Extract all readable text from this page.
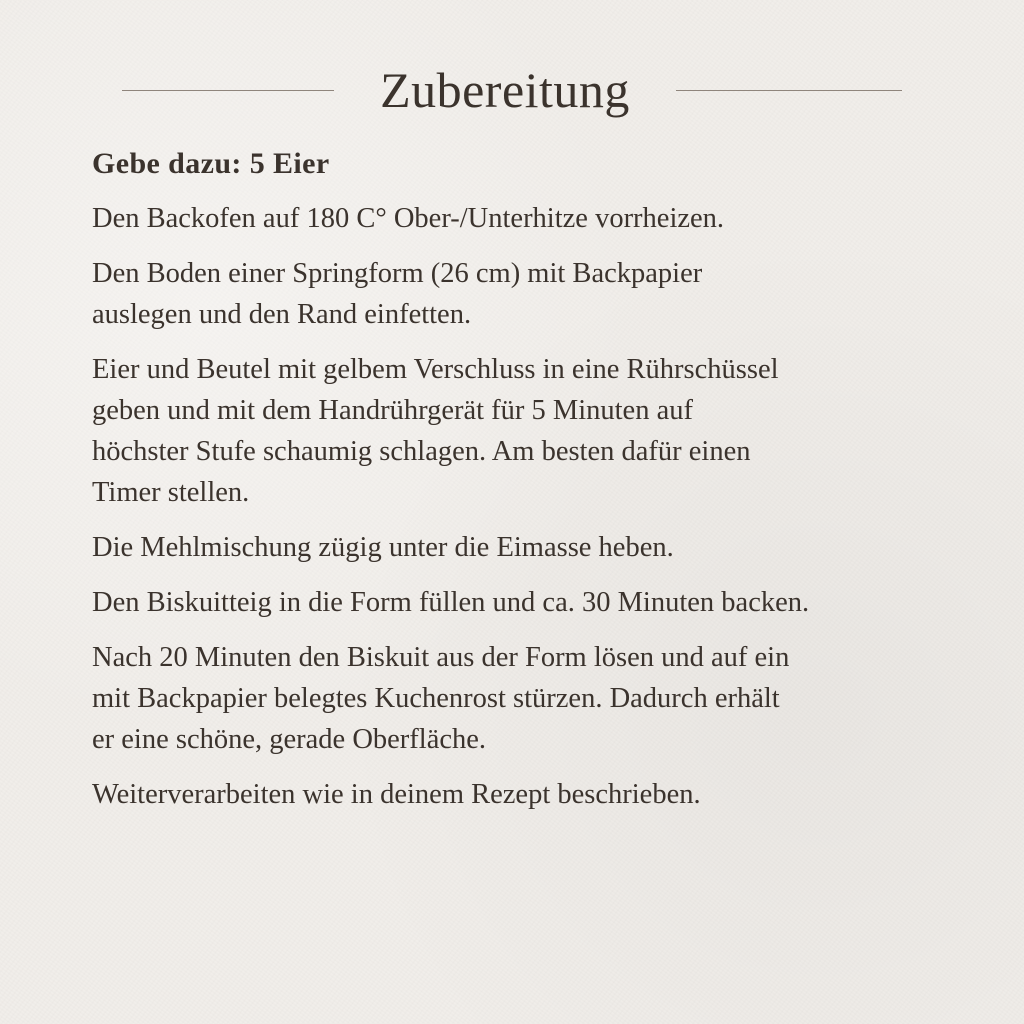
Zubereitung
Gebe dazu: 5 Eier
Den Backofen auf 180 C° Ober-/Unterhitze vorrheizen.
Den Boden einer Springform (26 cm) mit Backpapier
auslegen und den Rand einfetten.
Eier und Beutel mit gelbem Verschluss in eine Rührschüssel
geben und mit dem Handrührgerät für 5 Minuten auf
höchster Stufe schaumig schlagen. Am besten dafür einen
Timer stellen.
Die Mehlmischung zügig unter die Eimasse heben.
Den Biskuitteig in die Form füllen und ca. 30 Minuten backen.
Nach 20 Minuten den Biskuit aus der Form lösen und auf ein
mit Backpapier belegtes Kuchenrost stürzen. Dadurch erhält
er eine schöne, gerade Oberfläche.
Weiterverarbeiten wie in deinem Rezept beschrieben.
